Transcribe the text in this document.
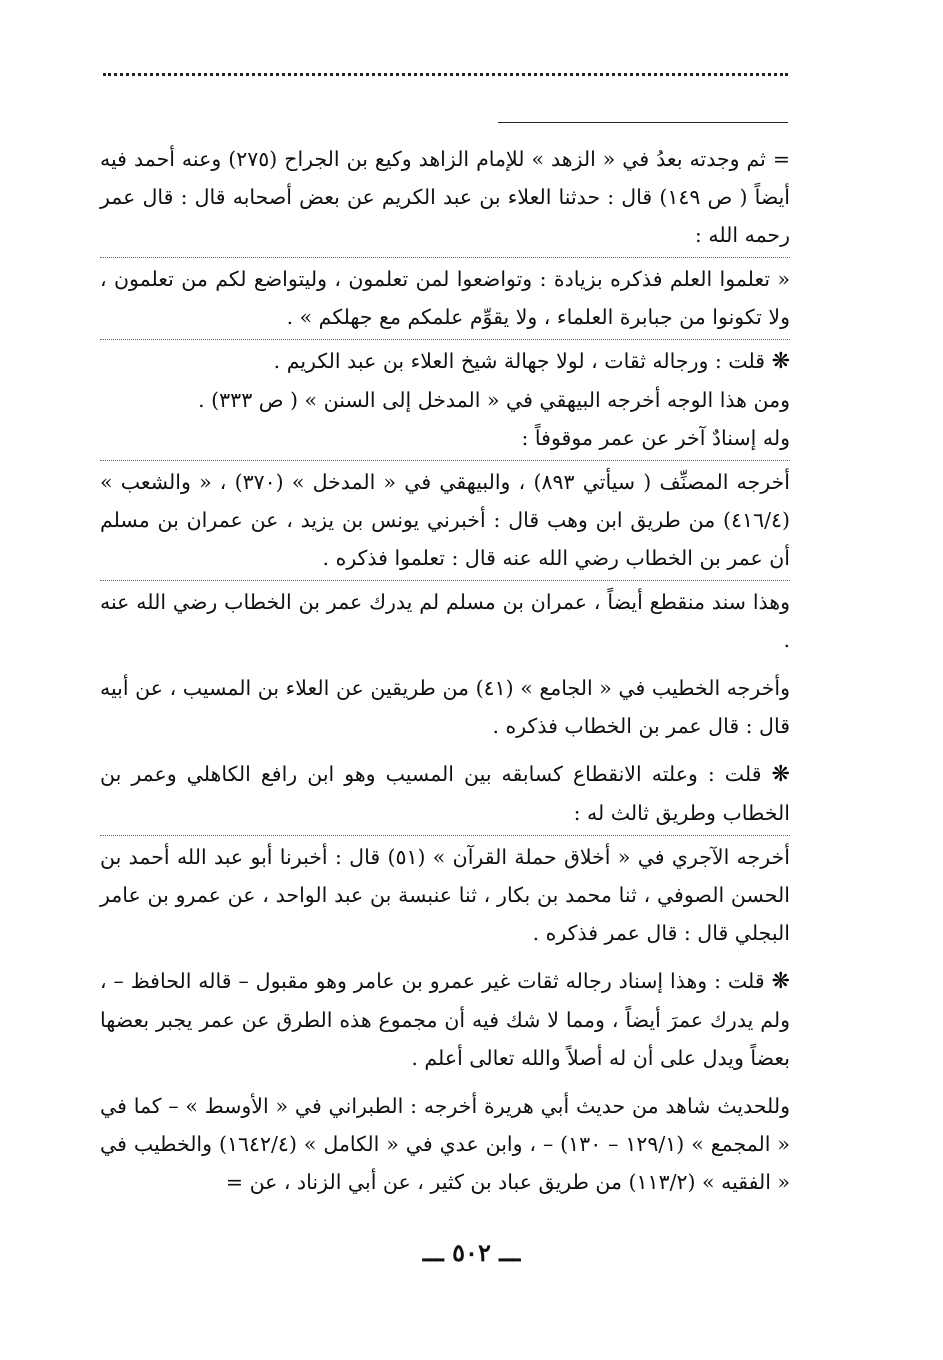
= ثم وجدته بعدُ في « الزهد » للإمام الزاهد وكيع بن الجراح (٢٧٥) وعنه أحمد فيه أيضاً ( ص ١٤٩) قال : حدثنا العلاء بن عبد الكريم عن بعض أصحابه قال : قال عمر رحمه الله :

« تعلموا العلم فذكره بزيادة : وتواضعوا لمن تعلمون ، وليتواضع لكم من تعلمون ، ولا تكونوا من جبابرة العلماء ، ولا يقوِّم علمكم مع جهلكم » .

❋ قلت : ورجاله ثقات ، لولا جهالة شيخ العلاء بن عبد الكريم .

ومن هذا الوجه أخرجه البيهقي في « المدخل إلى السنن » ( ص ٣٣٣) .

وله إسنادٌ آخر عن عمر موقوفاً :

أخرجه المصنِّف ( سيأتي ٨٩٣) ، والبيهقي في « المدخل » (٣٧٠) ، « والشعب » (٤١٦/٤) من طريق ابن وهب قال : أخبرني يونس بن يزيد ، عن عمران بن مسلم أن عمر بن الخطاب رضي الله عنه قال : تعلموا فذكره .

وهذا سند منقطع أيضاً ، عمران بن مسلم لم يدرك عمر بن الخطاب رضي الله عنه .

وأخرجه الخطيب في « الجامع » (٤١) من طريقين عن العلاء بن المسيب ، عن أبيه قال : قال عمر بن الخطاب فذكره .

❋ قلت : وعلته الانقطاع كسابقه بين المسيب وهو ابن رافع الكاهلي وعمر بن الخطاب وطريق ثالث له :

أخرجه الآجري في « أخلاق حملة القرآن » (٥١) قال : أخبرنا أبو عبد الله أحمد بن الحسن الصوفي ، ثنا محمد بن بكار ، ثنا عنبسة بن عبد الواحد ، عن عمرو بن عامر البجلي قال : قال عمر فذكره .

❋ قلت : وهذا إسناد رجاله ثقات غير عمرو بن عامر وهو مقبول – قاله الحافظ – ، ولم يدرك عمرَ أيضاً ، ومما لا شك فيه أن مجموع هذه الطرق عن عمر يجبر بعضها بعضاً ويدل على أن له أصلاً والله تعالى أعلم .

وللحديث شاهد من حديث أبي هريرة أخرجه : الطبراني في « الأوسط » – كما في « المجمع » (١٢٩/١ – ١٣٠) – ، وابن عدي في « الكامل » (١٦٤٢/٤) والخطيب في « الفقيه » (١١٣/٢) من طريق عباد بن كثير ، عن أبي الزناد ، عن =

ـــ ٥٠٢ ـــ
